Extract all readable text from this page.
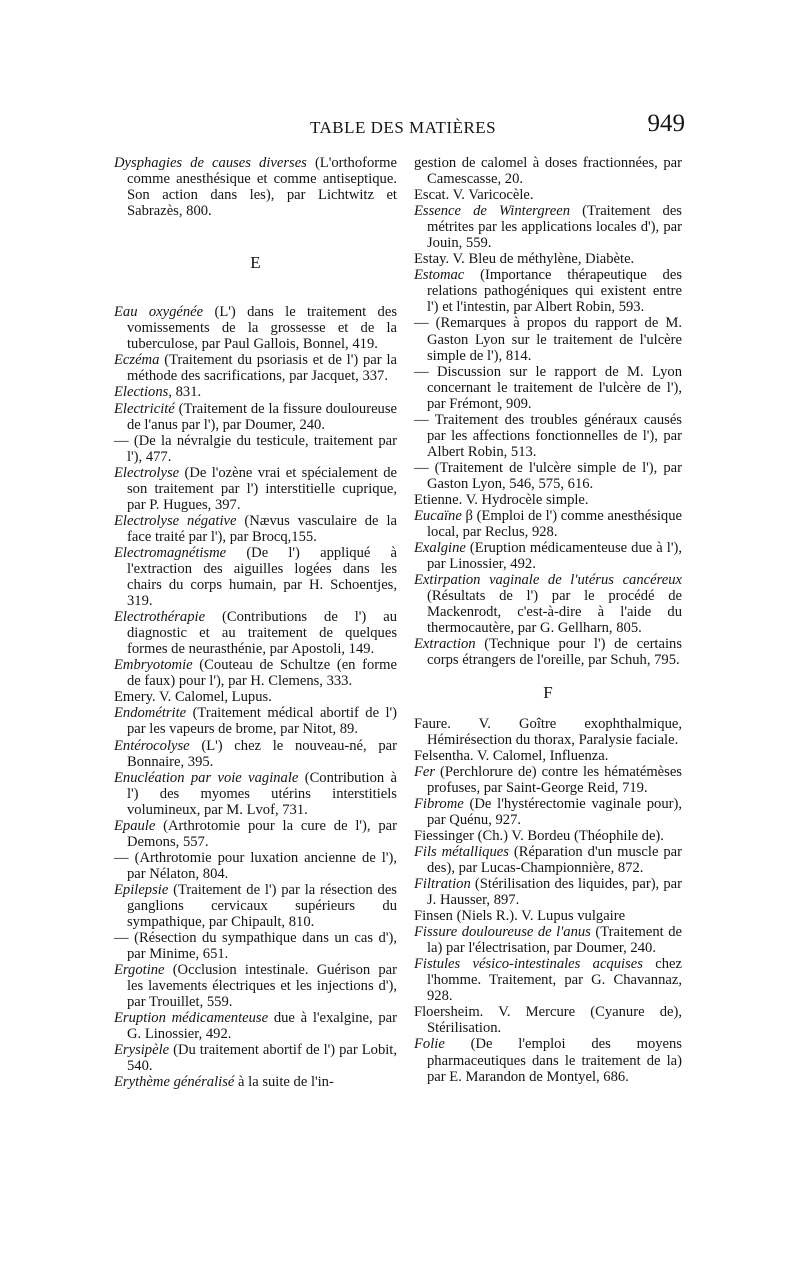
TABLE DES MATIÈRES	949

Dysphagies de causes diverses (L'orthoforme comme anesthésique et comme antiseptique. Son action dans les), par Lichtwitz et Sabrazès, 800.

E

Eau oxygénée (L') dans le traitement des vomissements de la grossesse et de la tuberculose, par Paul Gallois, Bonnel, 419.

Eczéma (Traitement du psoriasis et de l') par la méthode des sacrifications, par Jacquet, 337.

Elections, 831.

Electricité (Traitement de la fissure douloureuse de l'anus par l'), par Doumer, 240.

— (De la névralgie du testicule, traitement par l'), 477.

Electrolyse (De l'ozène vrai et spécialement de son traitement par l') interstitielle cuprique, par P. Hugues, 397.

Electrolyse négative (Nævus vasculaire de la face traité par l'), par Brocq,155.

Electromagnétisme (De l') appliqué à l'extraction des aiguilles logées dans les chairs du corps humain, par H. Schoentjes, 319.

Electrothérapie (Contributions de l') au diagnostic et au traitement de quelques formes de neurasthénie, par Apostoli, 149.

Embryotomie (Couteau de Schultze (en forme de faux) pour l'), par H. Clemens, 333.

Emery. V. Calomel, Lupus.

Endométrite (Traitement médical abortif de l') par les vapeurs de brome, par Nitot, 89.

Entérocolyse (L') chez le nouveau-né, par Bonnaire, 395.

Enucléation par voie vaginale (Contribution à l') des myomes utérins interstitiels volumineux, par M. Lvof, 731.

Epaule (Arthrotomie pour la cure de l'), par Demons, 557.

— (Arthrotomie pour luxation ancienne de l'), par Nélaton, 804.

Epilepsie (Traitement de l') par la résection des ganglions cervicaux supérieurs du sympathique, par Chipault, 810.

— (Résection du sympathique dans un cas d'), par Minime, 651.

Ergotine (Occlusion intestinale. Guérison par les lavements électriques et les injections d'), par Trouillet, 559.

Eruption médicamenteuse due à l'exalgine, par G. Linossier, 492.

Erysipèle (Du traitement abortif de l') par Lobit, 540.

Erythème généralisé à la suite de l'in-

gestion de calomel à doses fractionnées, par Camescasse, 20.

Escat. V. Varicocèle.

Essence de Wintergreen (Traitement des métrites par les applications locales d'), par Jouin, 559.

Estay. V. Bleu de méthylène, Diabète.

Estomac (Importance thérapeutique des relations pathogéniques qui existent entre l') et l'intestin, par Albert Robin, 593.

— (Remarques à propos du rapport de M. Gaston Lyon sur le traitement de l'ulcère simple de l'), 814.

— Discussion sur le rapport de M. Lyon concernant le traitement de l'ulcère de l'), par Frémont, 909.

— Traitement des troubles généraux causés par les affections fonctionnelles de l'), par Albert Robin, 513.

— (Traitement de l'ulcère simple de l'), par Gaston Lyon, 546, 575, 616.

Etienne. V. Hydrocèle simple.

Eucaïne β (Emploi de l') comme anesthésique local, par Reclus, 928.

Exalgine (Eruption médicamenteuse due à l'), par Linossier, 492.

Extirpation vaginale de l'utérus cancéreux (Résultats de l') par le procédé de Mackenrodt, c'est-à-dire à l'aide du thermocautère, par G. Gellharn, 805.

Extraction (Technique pour l') de certains corps étrangers de l'oreille, par Schuh, 795.

F

Faure. V. Goître exophthalmique, Hémirésection du thorax, Paralysie faciale.

Felsentha. V. Calomel, Influenza.

Fer (Perchlorure de) contre les hématémèses profuses, par Saint-George Reid, 719.

Fibrome (De l'hystérectomie vaginale pour), par Quénu, 927.

Fiessinger (Ch.) V. Bordeu (Théophile de).

Fils métalliques (Réparation d'un muscle par des), par Lucas-Championnière, 872.

Filtration (Stérilisation des liquides, par), par J. Hausser, 897.

Finsen (Niels R.). V. Lupus vulgaire

Fissure douloureuse de l'anus (Traitement de la) par l'électrisation, par Doumer, 240.

Fistules vésico-intestinales acquises chez l'homme. Traitement, par G. Chavannaz, 928.

Floersheim. V. Mercure (Cyanure de), Stérilisation.

Folie (De l'emploi des moyens pharmaceutiques dans le traitement de la) par E. Marandon de Montyel, 686.
